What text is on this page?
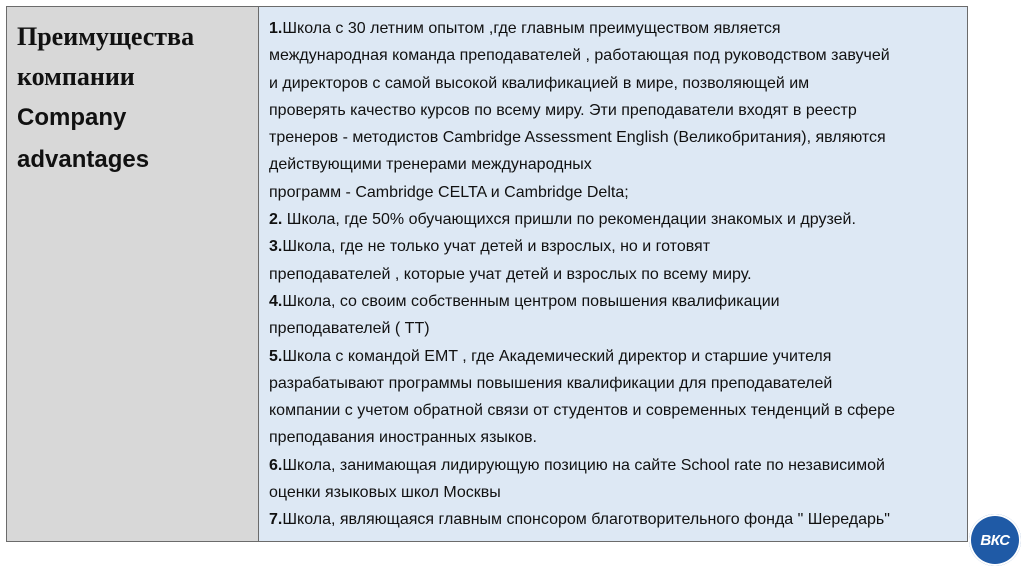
Преимущества
компании
Company
advantages
1.Школа с 30 летним опытом ,где главным преимуществом является
международная команда преподавателей , работающая под руководством завучей
и директоров с самой высокой квалификацией в мире, позволяющей им
проверять качество курсов по всему миру. Эти преподаватели входят в реестр
тренеров - методистов Cambridge Assessment English (Великобритания), являются
действующими тренерами международных
программ - Cambridge CELTA и Cambridge Delta;
2. Школа, где 50% обучающихся пришли по рекомендации знакомых и друзей.
3.Школа, где не только учат детей и взрослых, но и готовят
преподавателей , которые учат детей и взрослых по всему миру.
4.Школа, со своим собственным центром повышения квалификации
преподавателей ( TT)
5.Школа с командой EMT , где Академический директор и старшие учителя
разрабатывают программы повышения квалификации для преподавателей
компании с учетом обратной связи от студентов и современных тенденций в сфере
преподавания иностранных языков.
6.Школа, занимающая лидирующую позицию на сайте School rate по независимой
оценки языковых школ Москвы
7.Школа, являющаяся главным спонсором благотворительного фонда " Шередарь"
ВКС
